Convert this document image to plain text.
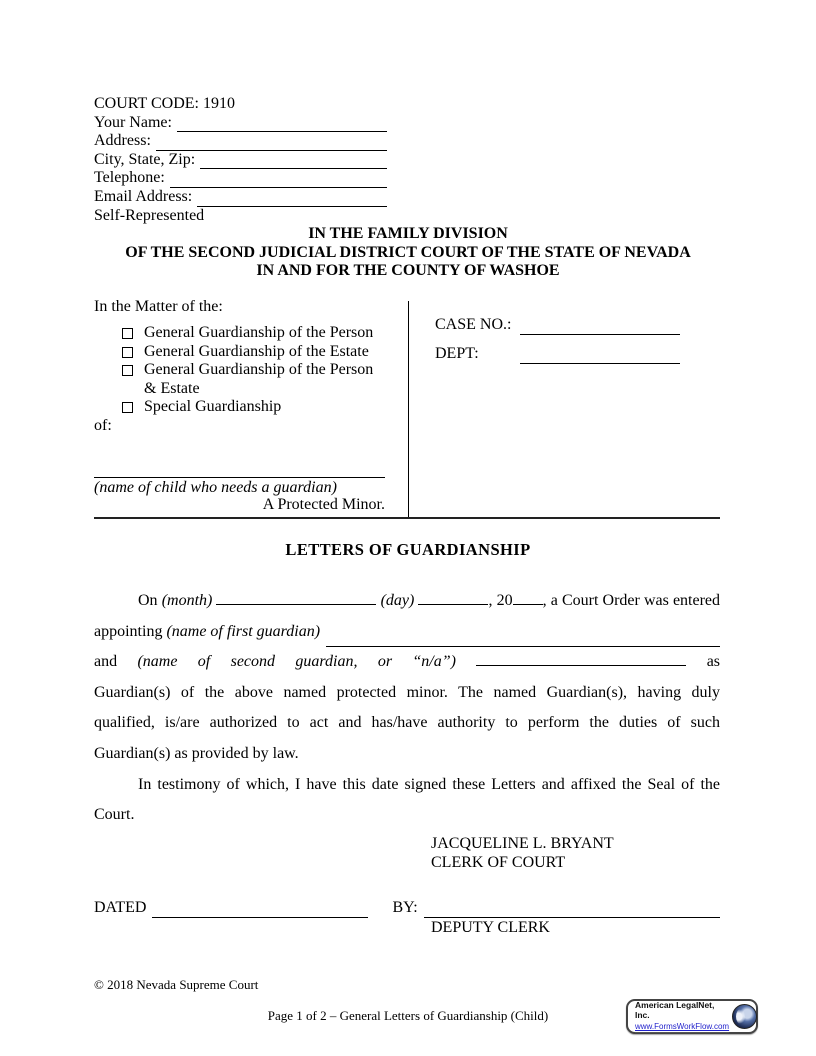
COURT CODE: 1910
Your Name:
Address:
City, State, Zip:
Telephone:
Email Address:
Self-Represented
IN THE FAMILY DIVISION
OF THE SECOND JUDICIAL DISTRICT COURT OF THE STATE OF NEVADA
IN AND FOR THE COUNTY OF WASHOE
In the Matter of the:
General Guardianship of the Person
General Guardianship of the Estate
General Guardianship of the Person & Estate
Special Guardianship
of:
(name of child who needs a guardian)
A Protected Minor.
CASE NO.:
DEPT:
LETTERS OF GUARDIANSHIP
On (month)	(day)	, 20 , a Court Order was entered
appointing
(name of first guardian)
and (name of second guardian, or “n/a”)	as
Guardian(s) of the above named protected minor. The named Guardian(s), having duly
qualified, is/are authorized to act and has/have authority to perform the duties of such
Guardian(s) as provided by law.
In testimony of which, I have this date signed these Letters and affixed the Seal of the
Court.
JACQUELINE L. BRYANT
CLERK OF COURT
DATED	BY:
DEPUTY CLERK
© 2018 Nevada Supreme Court
Page 1 of 2 – General Letters of Guardianship (Child)
American LegalNet, Inc.
www.FormsWorkFlow.com
